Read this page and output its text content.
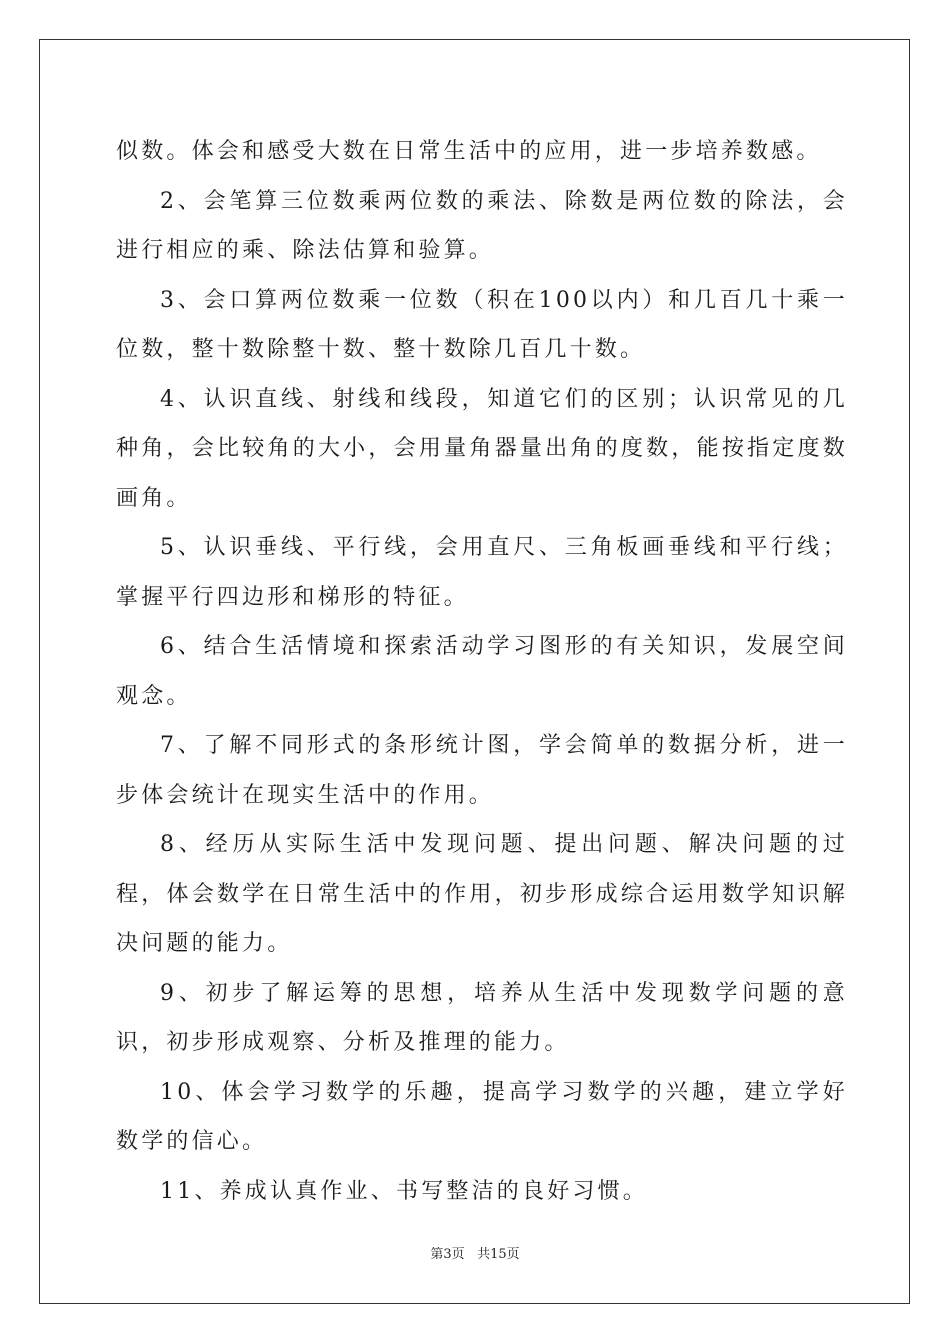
似数。体会和感受大数在日常生活中的应用，进一步培养数感。

2、会笔算三位数乘两位数的乘法、除数是两位数的除法，会进行相应的乘、除法估算和验算。

3、会口算两位数乘一位数（积在100以内）和几百几十乘一位数，整十数除整十数、整十数除几百几十数。

4、认识直线、射线和线段，知道它们的区别；认识常见的几种角，会比较角的大小，会用量角器量出角的度数，能按指定度数画角。

5、认识垂线、平行线，会用直尺、三角板画垂线和平行线；掌握平行四边形和梯形的特征。

6、结合生活情境和探索活动学习图形的有关知识，发展空间观念。

7、了解不同形式的条形统计图，学会简单的数据分析，进一步体会统计在现实生活中的作用。

8、经历从实际生活中发现问题、提出问题、解决问题的过程，体会数学在日常生活中的作用，初步形成综合运用数学知识解决问题的能力。

9、初步了解运筹的思想，培养从生活中发现数学问题的意识，初步形成观察、分析及推理的能力。

10、体会学习数学的乐趣，提高学习数学的兴趣，建立学好数学的信心。

11、养成认真作业、书写整洁的良好习惯。

第3页 共15页
